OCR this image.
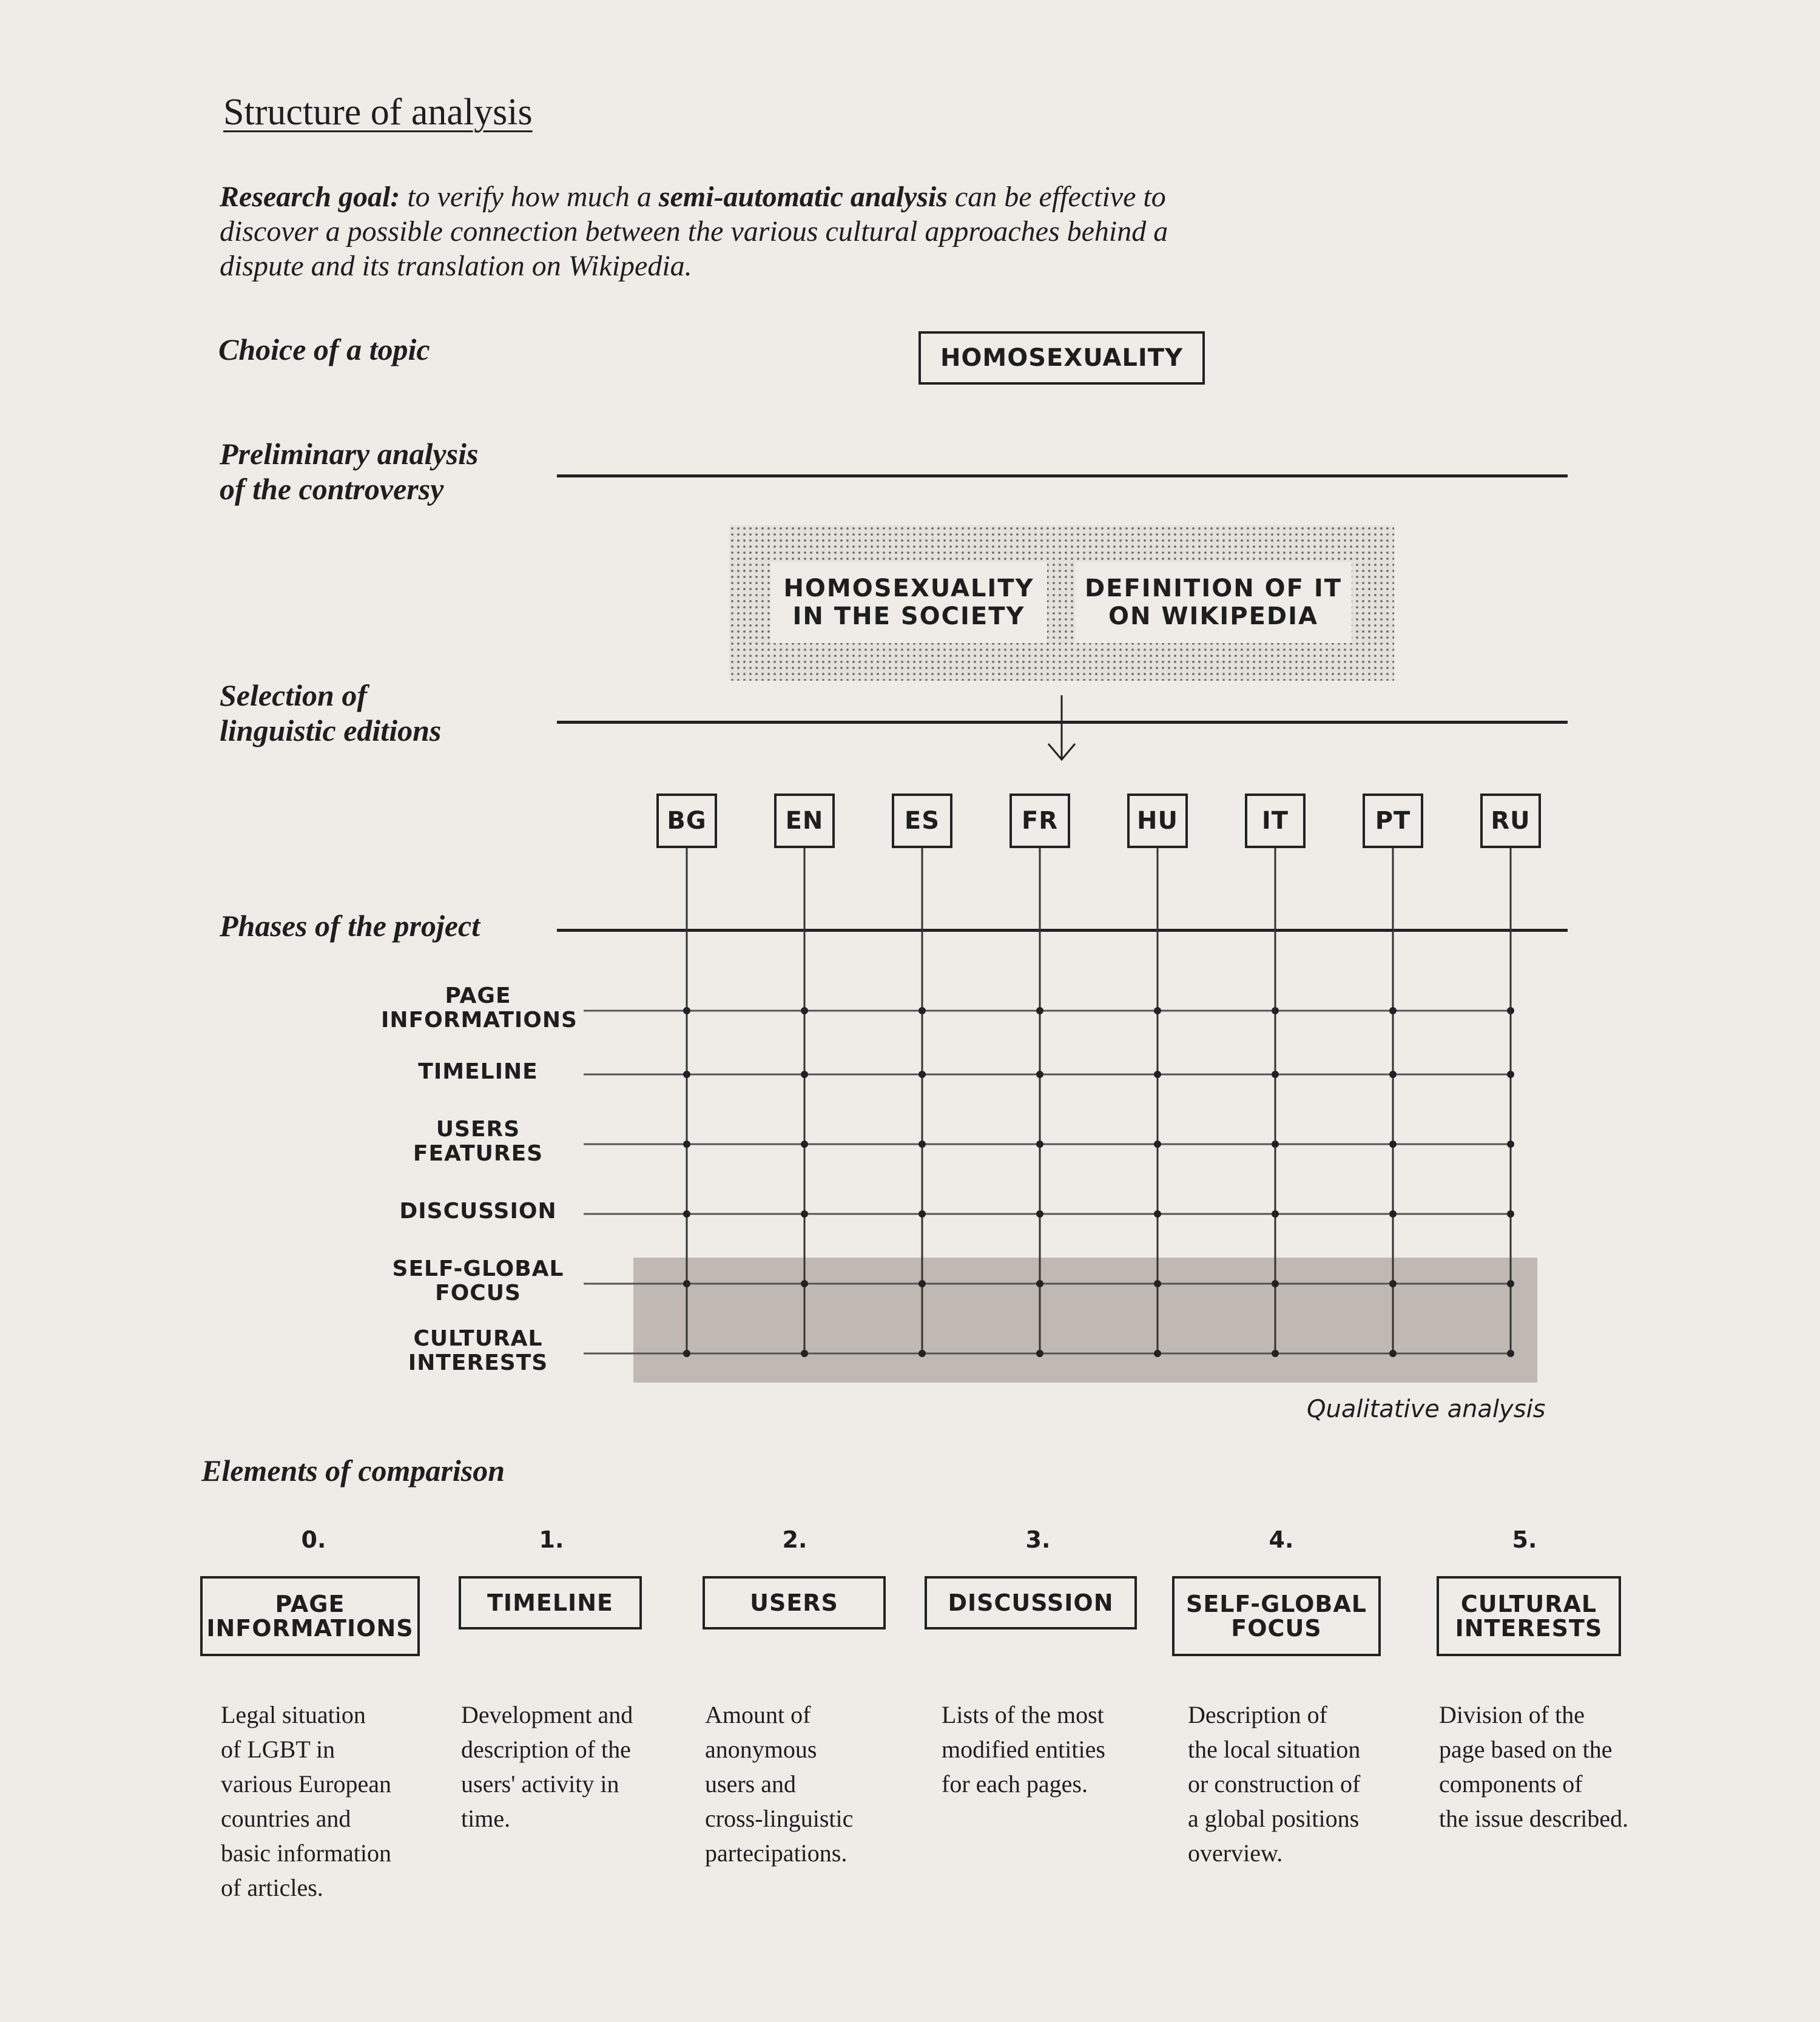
Structure of analysis
Research goal: to verify how much a semi-automatic analysis can be effective to discover a possible connection between the various cultural approaches behind a dispute and its translation on Wikipedia.
Choice of a topic
Preliminary analysis
of the controversy
Selection of
linguistic editions
Phases of the project
HOMOSEXUALITY
HOMOSEXUALITY
IN THE SOCIETY
DEFINITION OF IT
ON WIKIPEDIA
BG	EN	ES	FR	HU	IT	PT	RU
PAGE
INFORMATIONS
TIMELINE
USERS
FEATURES
DISCUSSION
SELF-GLOBAL
FOCUS
CULTURAL
INTERESTS
Qualitative analysis
Elements of comparison
0.
PAGE
INFORMATIONS
Legal situation
of LGBT in
various European
countries and
basic information
of articles.
1.
TIMELINE
Development and
description of the
users' activity in
time.
2.
USERS
Amount of
anonymous
users and
cross-linguistic
partecipations.
3.
DISCUSSION
Lists of the most
modified entities
for each pages.
4.
SELF-GLOBAL
FOCUS
Description of
the local situation
or construction of
a global positions
overview.
5.
CULTURAL
INTERESTS
Division of the
page based on the
components of
the issue described.
